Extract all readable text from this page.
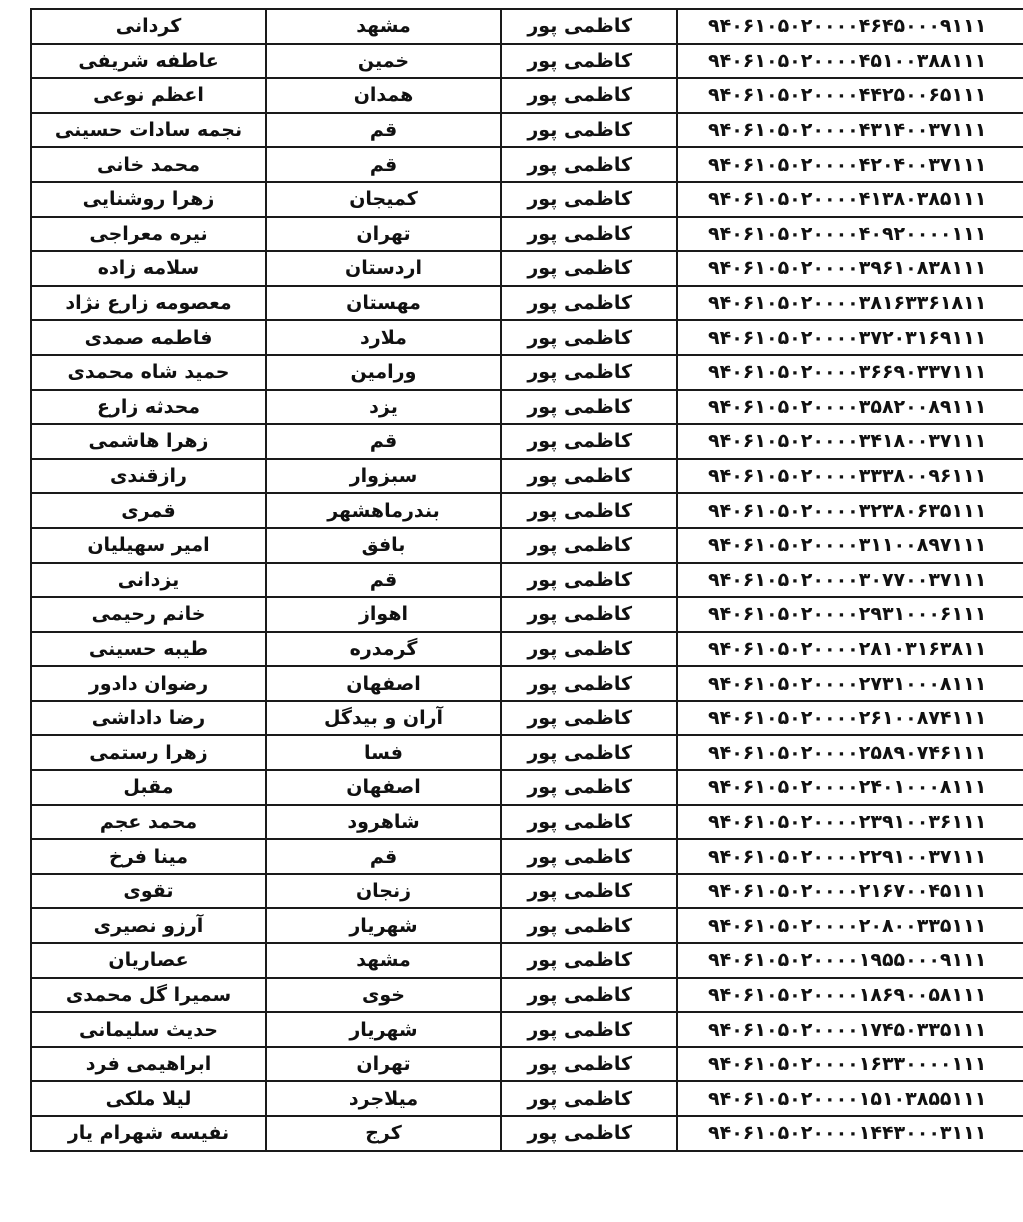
کردانی	مشهد	کاظمی پور	۹۴۰۶۱۰۵۰۲۰۰۰۰۴۶۴۵۰۰۰۹۱۱۱
عاطفه شریفی	خمین	کاظمی پور	۹۴۰۶۱۰۵۰۲۰۰۰۰۴۵۱۰۰۳۸۸۱۱۱
اعظم نوعی	همدان	کاظمی پور	۹۴۰۶۱۰۵۰۲۰۰۰۰۴۴۲۵۰۰۶۵۱۱۱
نجمه سادات حسینی	قم	کاظمی پور	۹۴۰۶۱۰۵۰۲۰۰۰۰۴۳۱۴۰۰۳۷۱۱۱
محمد خانی	قم	کاظمی پور	۹۴۰۶۱۰۵۰۲۰۰۰۰۴۲۰۴۰۰۳۷۱۱۱
زهرا روشنایی	کمیجان	کاظمی پور	۹۴۰۶۱۰۵۰۲۰۰۰۰۴۱۳۸۰۳۸۵۱۱۱
نیره معراجی	تهران	کاظمی پور	۹۴۰۶۱۰۵۰۲۰۰۰۰۴۰۹۲۰۰۰۰۱۱۱
سلامه زاده	اردستان	کاظمی پور	۹۴۰۶۱۰۵۰۲۰۰۰۰۳۹۶۱۰۸۳۸۱۱۱
معصومه زارع نژاد	مهستان	کاظمی پور	۹۴۰۶۱۰۵۰۲۰۰۰۰۳۸۱۶۳۳۶۱۸۱۱
فاطمه صمدی	ملارد	کاظمی پور	۹۴۰۶۱۰۵۰۲۰۰۰۰۳۷۲۰۳۱۶۹۱۱۱
حمید شاه محمدی	ورامین	کاظمی پور	۹۴۰۶۱۰۵۰۲۰۰۰۰۳۶۶۹۰۳۳۷۱۱۱
محدثه زارع	یزد	کاظمی پور	۹۴۰۶۱۰۵۰۲۰۰۰۰۳۵۸۲۰۰۸۹۱۱۱
زهرا هاشمی	قم	کاظمی پور	۹۴۰۶۱۰۵۰۲۰۰۰۰۳۴۱۸۰۰۳۷۱۱۱
رازقندی	سبزوار	کاظمی پور	۹۴۰۶۱۰۵۰۲۰۰۰۰۳۳۳۸۰۰۹۶۱۱۱
قمری	بندرماهشهر	کاظمی پور	۹۴۰۶۱۰۵۰۲۰۰۰۰۳۲۳۸۰۶۳۵۱۱۱
امیر سهیلیان	بافق	کاظمی پور	۹۴۰۶۱۰۵۰۲۰۰۰۰۳۱۱۰۰۸۹۷۱۱۱
یزدانی	قم	کاظمی پور	۹۴۰۶۱۰۵۰۲۰۰۰۰۳۰۷۷۰۰۳۷۱۱۱
خانم رحیمی	اهواز	کاظمی پور	۹۴۰۶۱۰۵۰۲۰۰۰۰۲۹۳۱۰۰۰۶۱۱۱
طیبه حسینی	گرمدره	کاظمی پور	۹۴۰۶۱۰۵۰۲۰۰۰۰۲۸۱۰۳۱۶۳۸۱۱
رضوان دادور	اصفهان	کاظمی پور	۹۴۰۶۱۰۵۰۲۰۰۰۰۲۷۳۱۰۰۰۸۱۱۱
رضا داداشی	آران و بیدگل	کاظمی پور	۹۴۰۶۱۰۵۰۲۰۰۰۰۲۶۱۰۰۸۷۴۱۱۱
زهرا رستمی	فسا	کاظمی پور	۹۴۰۶۱۰۵۰۲۰۰۰۰۲۵۸۹۰۷۴۶۱۱۱
مقبل	اصفهان	کاظمی پور	۹۴۰۶۱۰۵۰۲۰۰۰۰۲۴۰۱۰۰۰۸۱۱۱
محمد عجم	شاهرود	کاظمی پور	۹۴۰۶۱۰۵۰۲۰۰۰۰۲۳۹۱۰۰۳۶۱۱۱
مینا فرخ	قم	کاظمی پور	۹۴۰۶۱۰۵۰۲۰۰۰۰۲۲۹۱۰۰۳۷۱۱۱
تقوی	زنجان	کاظمی پور	۹۴۰۶۱۰۵۰۲۰۰۰۰۲۱۶۷۰۰۴۵۱۱۱
آرزو نصیری	شهریار	کاظمی پور	۹۴۰۶۱۰۵۰۲۰۰۰۰۲۰۸۰۰۳۳۵۱۱۱
عصاریان	مشهد	کاظمی پور	۹۴۰۶۱۰۵۰۲۰۰۰۰۱۹۵۵۰۰۰۹۱۱۱
سمیرا گل محمدی	خوی	کاظمی پور	۹۴۰۶۱۰۵۰۲۰۰۰۰۱۸۶۹۰۰۵۸۱۱۱
حدیث سلیمانی	شهریار	کاظمی پور	۹۴۰۶۱۰۵۰۲۰۰۰۰۱۷۴۵۰۳۳۵۱۱۱
ابراهیمی فرد	تهران	کاظمی پور	۹۴۰۶۱۰۵۰۲۰۰۰۰۱۶۳۳۰۰۰۰۱۱۱
لیلا ملکی	میلاجرد	کاظمی پور	۹۴۰۶۱۰۵۰۲۰۰۰۰۱۵۱۰۳۸۵۵۱۱۱
نفیسه شهرام یار	کرج	کاظمی پور	۹۴۰۶۱۰۵۰۲۰۰۰۰۱۴۴۳۰۰۰۳۱۱۱
